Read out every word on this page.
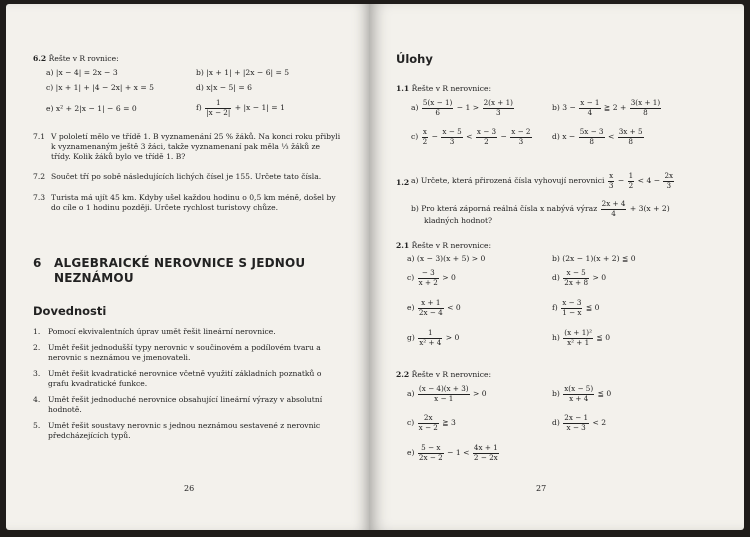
6.2 Řešte v R rovnice:
a) |x − 4| = 2x − 3	b) |x + 1| + |2x − 6| = 5
c) |x + 1| + |4 − 2x| + x = 5	d) x|x − 5| = 6
e) x² + 2|x − 1| − 6 = 0	$f) \frac{1}{|x - 2|} + |x - 1| = 1$
7.1 V pololetí mělo ve třídě 1. B vyznamenání 25 % žáků. Na konci roku přibyli k vyznamenaným ještě 3 žáci, takže vyznamenaní pak měla ⅓ žáků ze třídy. Kolik žáků bylo ve třídě 1. B?
7.2 Součet tří po sobě následujících lichých čísel je 155. Určete tato čísla.
7.3 Turista má ujít 45 km. Kdyby ušel každou hodinu o 0,5 km méně, došel by do cíle o 1 hodinu později. Určete rychlost turistovy chůze.
6 ALGEBRAICKÉ NEROVNICE S JEDNOU NEZNÁMOU
Dovednosti
1. Pomocí ekvivalentních úprav umět řešit lineární nerovnice.
2. Umět řešit jednodušší typy nerovnic v součinovém a podílovém tvaru a nerovnic s neznámou ve jmenovateli.
3. Umět řešit kvadratické nerovnice včetně využití základních poznatků o grafu kvadratické funkce.
4. Umět řešit jednoduché nerovnice obsahující lineární výrazy v absolutní hodnotě.
5. Umět řešit soustavy nerovnic s jednou neznámou sestavené z nerovnic předcházejících typů.
26
Úlohy
1.1 Řešte v R nerovnice:
$a) \frac{5(x - 1)}{6} - 1 > \frac{2(x + 1)}{3}$	b) $3 - \frac{x - 1}{4}$ ≧ $2 + \frac{3(x + 1)}{8}$
$c) \frac{x}{2} - \frac{x - 5}{3} < \frac{x - 3}{2} - \frac{x - 2}{3}$	d) $x - \frac{5x - 3}{8} < \frac{3x + 5}{8}$
1.2 a) Určete, která přirozená čísla vyhovují nerovnici $\frac{x}{3} - \frac{1}{2} < 4 - \frac{2x}{3}$
b) Pro která záporná reálná čísla x nabývá výraz $\frac{2x + 4}{4} + 3(x + 2)$
kladných hodnot?
2.1 Řešte v R nerovnice:
a) (x − 3)(x + 5) > 0	b) (2x − 1)(x + 2) ≦ 0
$c) \frac{- 3}{x + 2} > 0$	$d) \frac{x - 5}{2x + 8} > 0$
$e) \frac{x + 1}{2x - 4} < 0$	$f) \frac{x - 3}{1 - x}$ ≦ 0
$g) \frac{1}{\text{x² + 4}} > 0$	$h) \frac{\text{(x + 1)²}}{\text{x² + 1}}$ ≦ 0
2.2 Řešte v R nerovnice:
$a) \frac{(x - 4)(x + 3)}{x - 1} > 0$	$b) \frac{x(x - 5)}{x + 4}$ ≦ 0
$c) \frac{2x}{x - 2}$ ≧ 3	$d) \frac{2x - 1}{x - 3} < 2$
$e) \frac{5 - x}{2x - 2} - 1 < \frac{4x + 1}{2 - 2x}$
27
